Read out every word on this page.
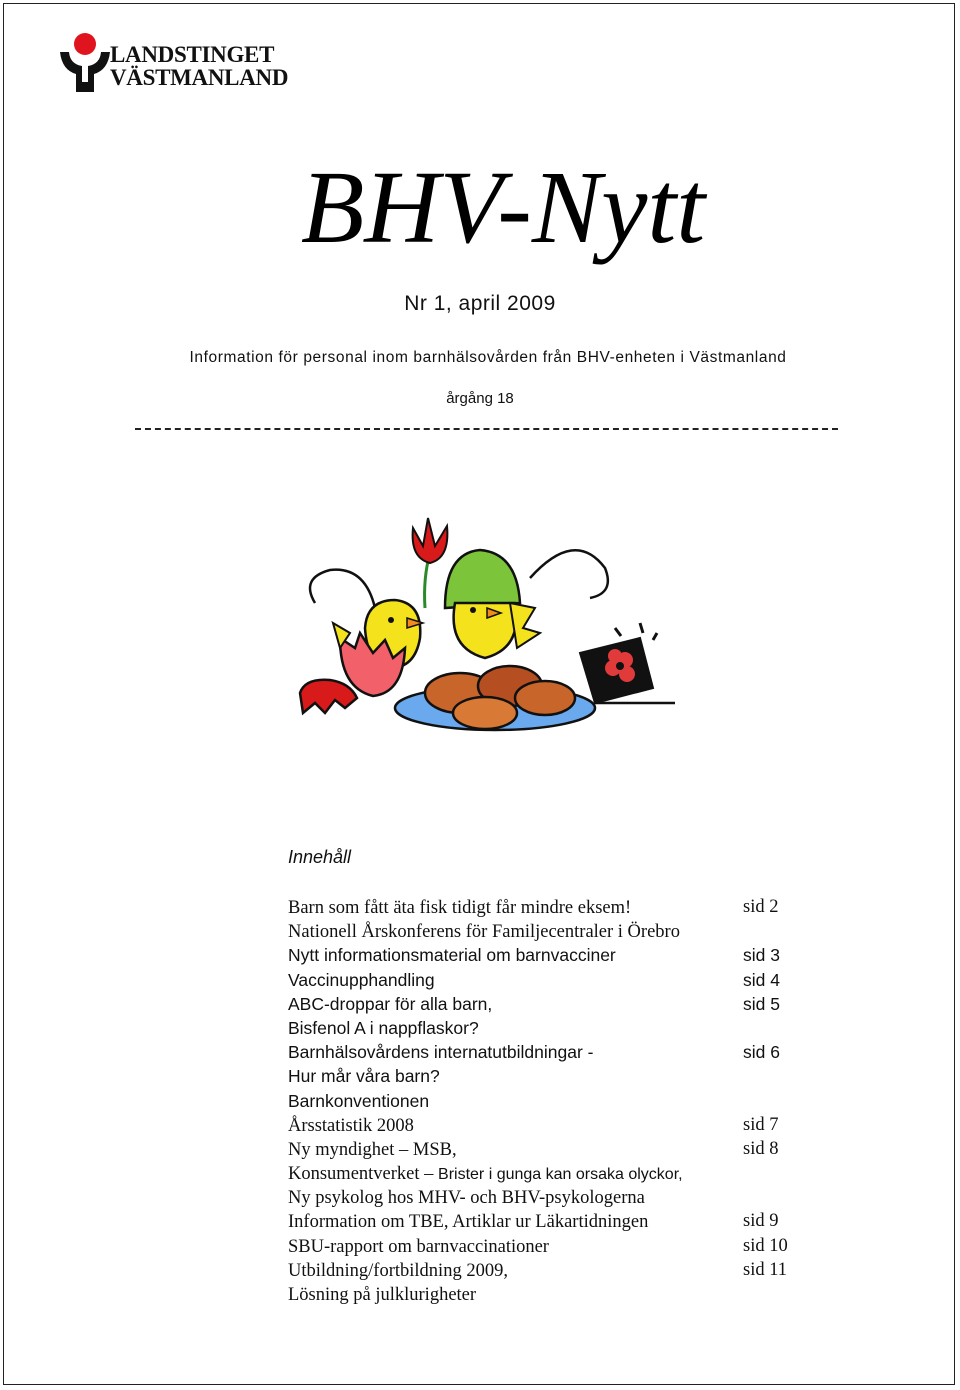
LANDSTINGET
VÄSTMANLAND
BHV-Nytt
Nr 1, april 2009
Information för personal inom barnhälsovården från BHV-enheten i Västmanland
årgång 18
Innehåll
Barn som fått äta fisk tidigt får mindre eksem!	sid 2
Nationell Årskonferens för Familjecentraler i Örebro
Nytt informationsmaterial om barnvacciner	sid 3
Vaccinupphandling	sid 4
ABC-droppar för alla barn,	sid 5
Bisfenol A i nappflaskor?
Barnhälsovårdens internatutbildningar -	sid 6
Hur mår våra barn?
Barnkonventionen
Årsstatistik 2008	sid 7
Ny myndighet – MSB,	sid 8
Konsumentverket – Brister i gunga kan orsaka olyckor,
Ny psykolog hos MHV- och BHV-psykologerna
Information om TBE, Artiklar ur Läkartidningen	sid 9
SBU-rapport om barnvaccinationer	sid 10
Utbildning/fortbildning 2009,	sid 11
Lösning på julklurigheter
